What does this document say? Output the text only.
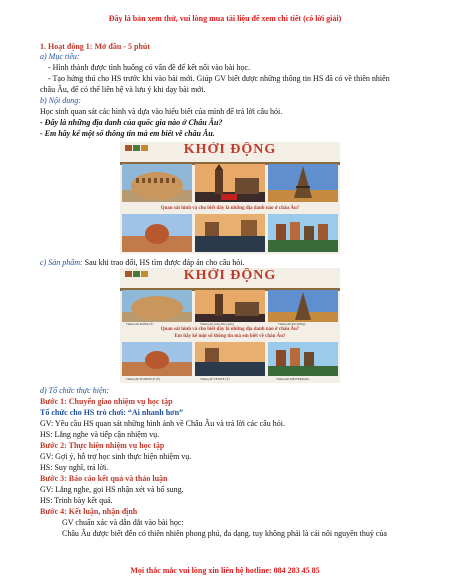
Đây là bản xem thử, vui lòng mua tài liệu để xem chi tiết (có lời giải)
1. Hoạt động 1: Mở đầu - 5 phút
a) Mục tiêu:
- Hình thành được tình huống có vấn đề để kết nối vào bài học.
- Tạo hứng thú cho HS trước khi vào bài mới. Giúp GV biết được những thông tin HS đã có về thiên nhiên
châu Âu, để có thể liên hệ và lưu ý khi dạy bài mới.
b) Nội dung:
Học sinh quan sát các hình và dựa vào hiểu biết của mình để trả lời câu hỏi.
- Đây là những địa danh của quốc gia nào ở Châu Âu?
- Em hãy kể một số thông tin mà em biết về châu Âu.
KHỞI ĐỘNG
Quan sát hình và cho biết đây là những địa danh nào ở châu Âu?
c) Sản phẩm: Sau khi trao đổi, HS tìm được đáp án cho câu hỏi.
KHỞI ĐỘNG
Thành phố ROMA (Ý)	Thành phố Luân Đôn (Anh)	Thành phố Pari (Pháp)
Quan sát hình và cho biết đây là những địa danh nào ở châu Âu?
Em hãy kể một số thông tin mà em biết về châu Âu?
Thành phố FLORENCE (Ý)	Thành phố VENICE (Ý)	Thành phố AMSTERDAM
d) Tổ chức thực hiện:
Bước 1: Chuyển giao nhiệm vụ học tập
Tổ chức cho HS trò chơi: “Ai nhanh hơn”
GV: Yêu cầu HS quan sát những hình ảnh về Châu Âu và trả lời các câu hỏi.
HS: Lắng nghe và tiếp cận nhiệm vụ.
Bước 2: Thực hiện nhiệm vụ học tập
GV: Gợi ý, hỗ trợ học sinh thực hiện nhiệm vụ.
HS: Suy nghĩ, trả lời.
Bước 3: Báo cáo kết quả và thảo luận
GV: Lắng nghe, gọi HS nhận xét và bổ sung.
HS: Trình bày kết quả.
Bước 4: Kết luận, nhận định
GV chuẩn xác và dẫn dắt vào bài học:
Châu Âu được biết đến có thiên nhiên phong phú, đa dạng. tuy không phải là cái nôi nguyên thuỷ của
Mọi thắc mắc vui lòng xin liên hệ hotline: 084 283 45 85
